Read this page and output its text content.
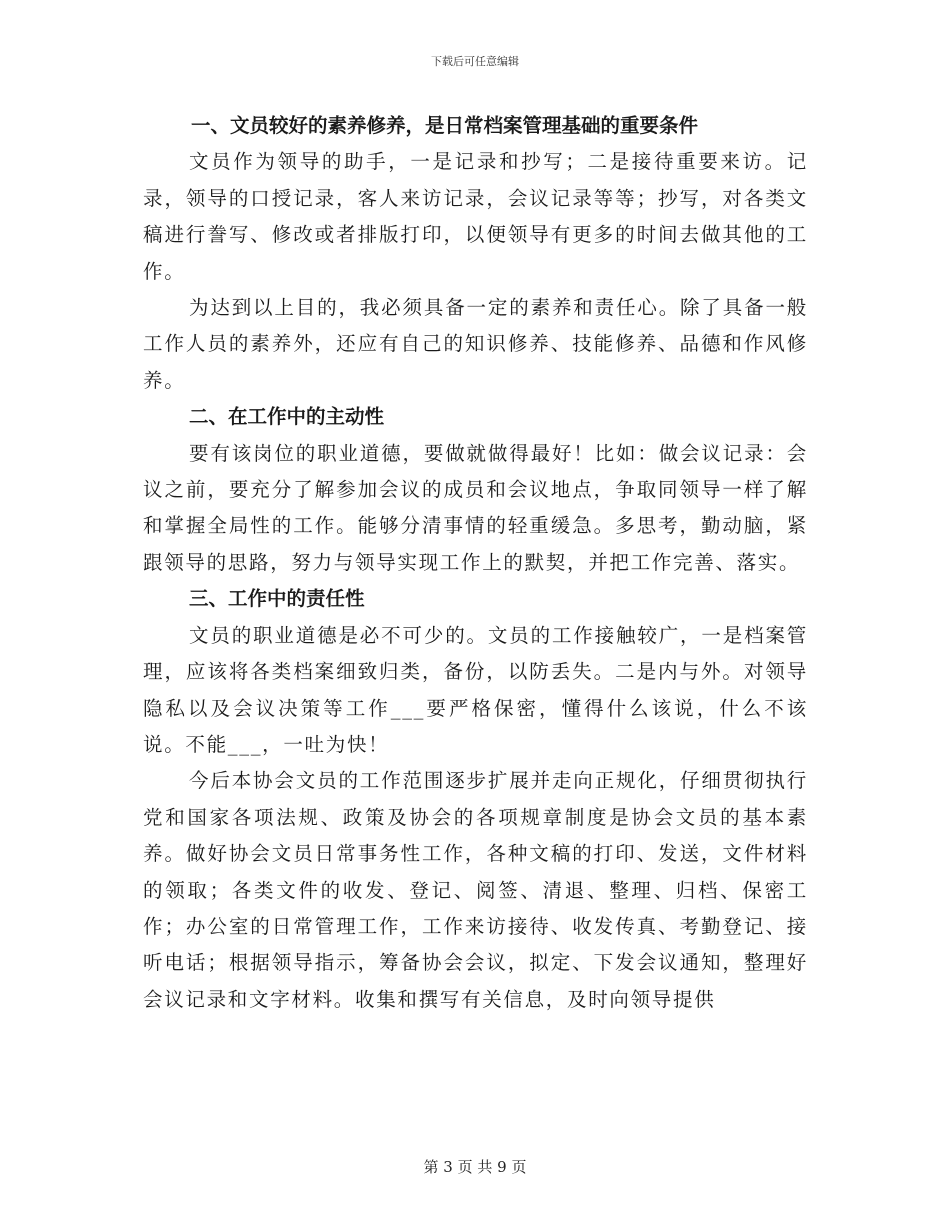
下载后可任意编辑
一、文员较好的素养修养，是日常档案管理基础的重要条件

文员作为领导的助手，一是记录和抄写；二是接待重要来访。记录，领导的口授记录，客人来访记录，会议记录等等；抄写，对各类文稿进行誊写、修改或者排版打印，以便领导有更多的时间去做其他的工作。

为达到以上目的，我必须具备一定的素养和责任心。除了具备一般工作人员的素养外，还应有自己的知识修养、技能修养、品德和作风修养。

二、在工作中的主动性

要有该岗位的职业道德，要做就做得最好！比如：做会议记录：会议之前，要充分了解参加会议的成员和会议地点，争取同领导一样了解和掌握全局性的工作。能够分清事情的轻重缓急。多思考，勤动脑，紧跟领导的思路，努力与领导实现工作上的默契，并把工作完善、落实。

三、工作中的责任性

文员的职业道德是必不可少的。文员的工作接触较广，一是档案管理，应该将各类档案细致归类，备份，以防丢失。二是内与外。对领导隐私以及会议决策等工作___要严格保密，懂得什么该说，什么不该说。不能___，一吐为快！

今后本协会文员的工作范围逐步扩展并走向正规化，仔细贯彻执行党和国家各项法规、政策及协会的各项规章制度是协会文员的基本素养。做好协会文员日常事务性工作，各种文稿的打印、发送，文件材料的领取；各类文件的收发、登记、阅签、清退、整理、归档、保密工作；办公室的日常管理工作，工作来访接待、收发传真、考勤登记、接听电话；根据领导指示，筹备协会会议，拟定、下发会议通知，整理好会议记录和文字材料。收集和撰写有关信息，及时向领导提供

第 3 页 共 9 页
